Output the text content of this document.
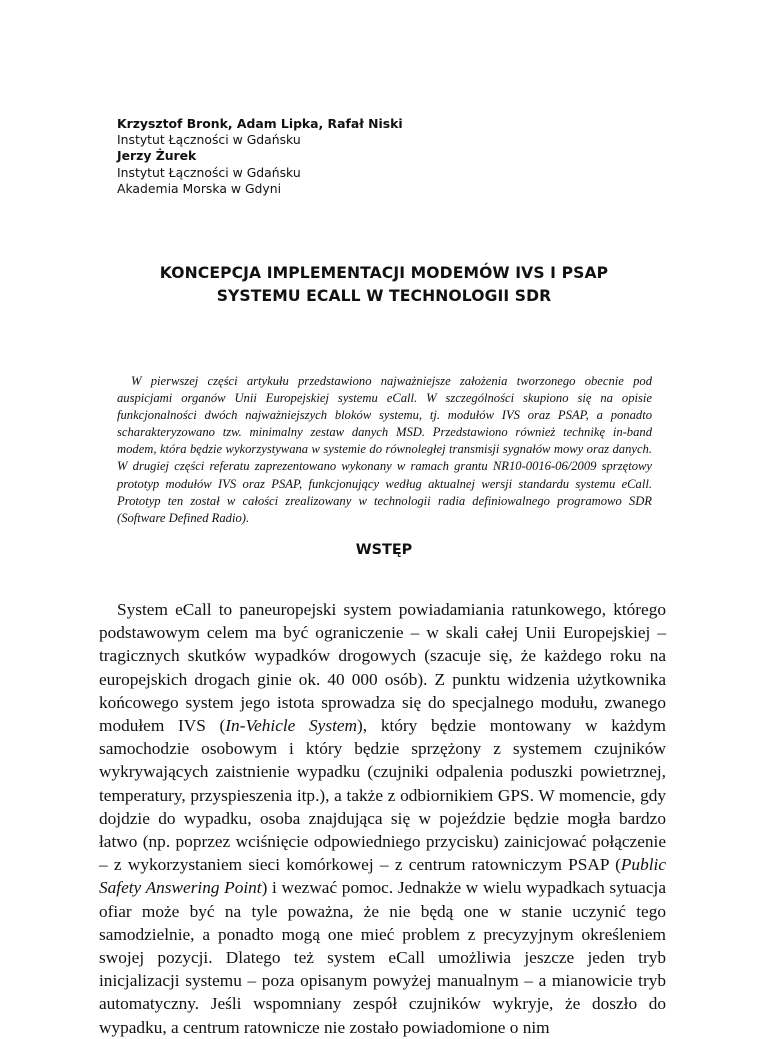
Krzysztof Bronk, Adam Lipka, Rafał Niski
Instytut Łączności w Gdańsku
Jerzy Żurek
Instytut Łączności w Gdańsku
Akademia Morska w Gdyni
KONCEPCJA IMPLEMENTACJI MODEMÓW IVS I PSAP
SYSTEMU ECALL W TECHNOLOGII SDR
W pierwszej części artykułu przedstawiono najważniejsze założenia tworzonego obecnie pod auspicjami organów Unii Europejskiej systemu eCall. W szczególności skupiono się na opisie funkcjonalności dwóch najważniejszych bloków systemu, tj. modułów IVS oraz PSAP, a ponadto scharakteryzowano tzw. minimalny zestaw danych MSD. Przedstawiono również technikę in-band modem, która będzie wykorzystywana w systemie do równoległej transmisji sygnałów mowy oraz danych. W drugiej części referatu zaprezentowano wykonany w ramach grantu NR10-0016-06/2009 sprzętowy prototyp modułów IVS oraz PSAP, funkcjonujący według aktualnej wersji standardu systemu eCall. Prototyp ten został w całości zrealizowany w technologii radia definiowalnego programowo SDR (Software Defined Radio).
WSTĘP

System eCall to paneuropejski system powiadamiania ratunkowego, którego podstawowym celem ma być ograniczenie – w skali całej Unii Europejskiej – tragicznych skutków wypadków drogowych (szacuje się, że każdego roku na europejskich drogach ginie ok. 40 000 osób). Z punktu widzenia użytkownika końcowego system jego istota sprowadza się do specjalnego modułu, zwanego modułem IVS (In-Vehicle System), który będzie montowany w każdym samochodzie osobowym i który będzie sprzężony z systemem czujników wykrywających zaistnienie wypadku (czujniki odpalenia poduszki powietrznej, temperatury, przyspieszenia itp.), a także z odbiornikiem GPS. W momencie, gdy dojdzie do wypadku, osoba znajdująca się w pojeździe będzie mogła bardzo łatwo (np. poprzez wciśnięcie odpowiedniego przycisku) zainicjować połączenie – z wykorzystaniem sieci komórkowej – z centrum ratowniczym PSAP (Public Safety Answering Point) i wezwać pomoc. Jednakże w wielu wypadkach sytuacja ofiar może być na tyle poważna, że nie będą one w stanie uczynić tego samodzielnie, a ponadto mogą one mieć problem z precyzyjnym określeniem swojej pozycji. Dlatego też system eCall umożliwia jeszcze jeden tryb inicjalizacji systemu – poza opisanym powyżej manualnym – a mianowicie tryb automatyczny. Jeśli wspomniany zespół czujników wykryje, że doszło do wypadku, a centrum ratownicze nie zostało powiadomione o nim
